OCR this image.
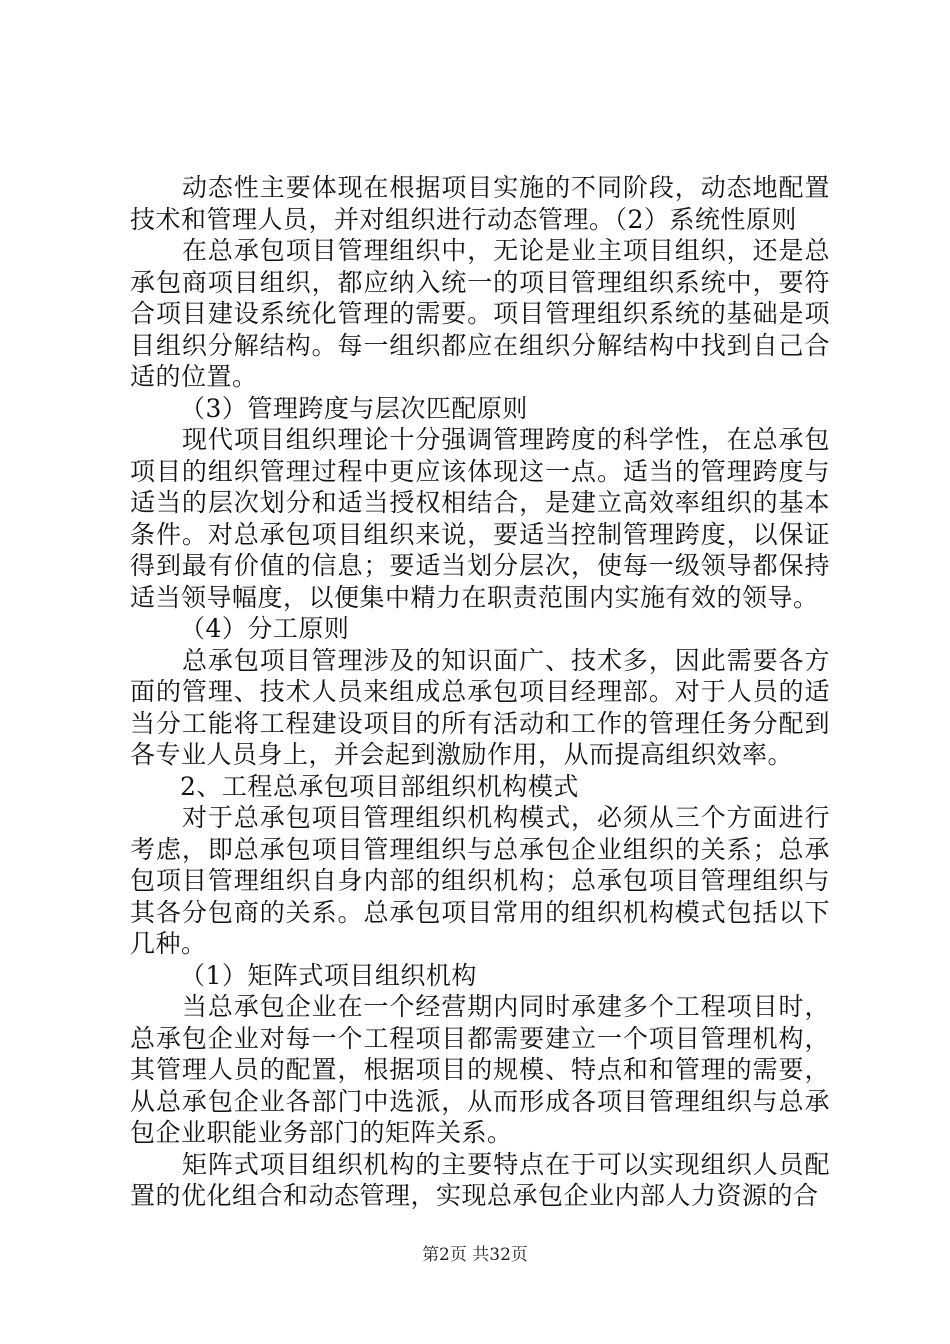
动态性主要体现在根据项目实施的不同阶段，动态地配置技术和管理人员，并对组织进行动态管理。（2）系统性原则

在总承包项目管理组织中，无论是业主项目组织，还是总承包商项目组织，都应纳入统一的项目管理组织系统中，要符合项目建设系统化管理的需要。项目管理组织系统的基础是项目组织分解结构。每一组织都应在组织分解结构中找到自己合适的位置。

（3）管理跨度与层次匹配原则

现代项目组织理论十分强调管理跨度的科学性，在总承包项目的组织管理过程中更应该体现这一点。适当的管理跨度与适当的层次划分和适当授权相结合，是建立高效率组织的基本条件。对总承包项目组织来说，要适当控制管理跨度，以保证得到最有价值的信息；要适当划分层次，使每一级领导都保持适当领导幅度，以便集中精力在职责范围内实施有效的领导。

（4）分工原则

总承包项目管理涉及的知识面广、技术多，因此需要各方面的管理、技术人员来组成总承包项目经理部。对于人员的适当分工能将工程建设项目的所有活动和工作的管理任务分配到各专业人员身上，并会起到激励作用，从而提高组织效率。

2、工程总承包项目部组织机构模式

对于总承包项目管理组织机构模式，必须从三个方面进行考虑，即总承包项目管理组织与总承包企业组织的关系；总承包项目管理组织自身内部的组织机构；总承包项目管理组织与其各分包商的关系。总承包项目常用的组织机构模式包括以下几种。

（1）矩阵式项目组织机构

当总承包企业在一个经营期内同时承建多个工程项目时，总承包企业对每一个工程项目都需要建立一个项目管理机构，其管理人员的配置，根据项目的规模、特点和和管理的需要，从总承包企业各部门中选派，从而形成各项目管理组织与总承包企业职能业务部门的矩阵关系。

矩阵式项目组织机构的主要特点在于可以实现组织人员配置的优化组合和动态管理，实现总承包企业内部人力资源的合

第2页 共32页
